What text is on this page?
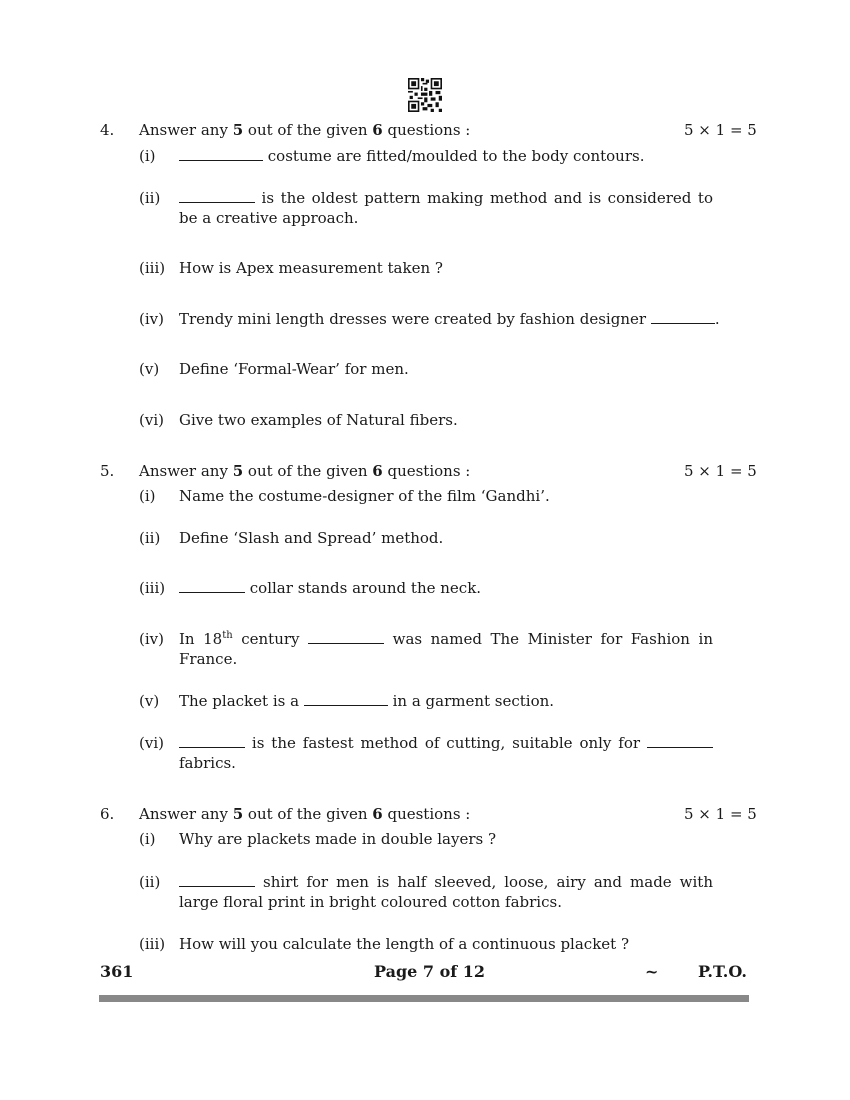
4. Answer any 5 out of the given 6 questions :	5 × 1 = 5
(i)	costume are fitted/moulded to the body contours.
(ii)	is the oldest pattern making method and is considered to
be a creative approach.
(iii) How is Apex measurement taken ?
(iv) Trendy mini length dresses were created by fashion designer	.
(v) Define ‘Formal-Wear’ for men.
(vi) Give two examples of Natural fibers.
5. Answer any 5 out of the given 6 questions :	5 × 1 = 5
(i) Name the costume-designer of the film ‘Gandhi’.
(ii) Define ‘Slash and Spread’ method.
(iii)	collar stands around the neck.
(iv) In 18th century	was named The Minister for Fashion in
France.
(v) The placket is a	in a garment section.
(vi)	is the fastest method of cutting, suitable only for
fabrics.
6. Answer any 5 out of the given 6 questions :	5 × 1 = 5
(i) Why are plackets made in double layers ?
(ii)	shirt for men is half sleeved, loose, airy and made with
large floral print in bright coloured cotton fabrics.
(iii) How will you calculate the length of a continuous placket ?
361	Page 7 of 12	~ P.T.O.
